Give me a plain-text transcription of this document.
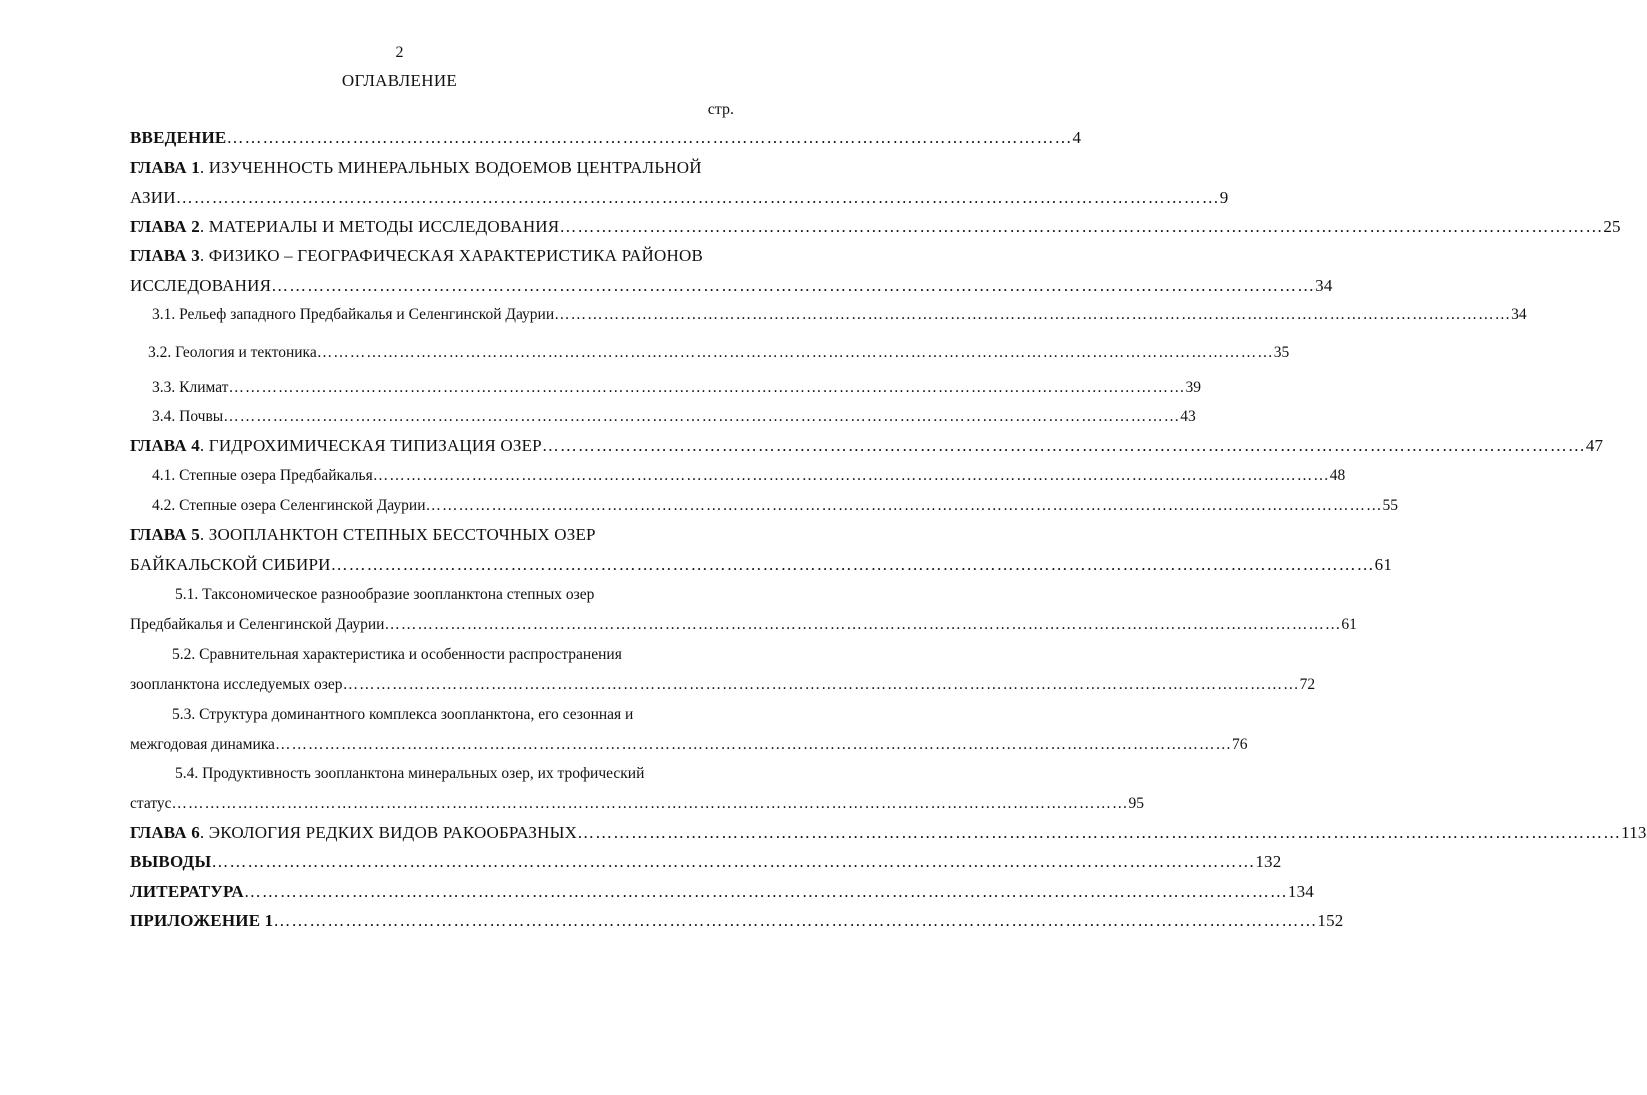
2
ОГЛАВЛЕНИЕ
стр.
ВВЕДЕНИЕ …………………………………………………………………………………………………………………………… 4
ГЛАВА 1. ИЗУЧЕННОСТЬ МИНЕРАЛЬНЫХ ВОДОЕМОВ ЦЕНТРАЛЬНОЙ
АЗИИ ………………………………………………………………………………………………………………………………………………………… 9
ГЛАВА 2 . МАТЕРИАЛЫ И МЕТОДЫ ИССЛЕДОВАНИЯ ………………………………………………………………………………………………………………………………………………………… 25
ГЛАВА 3. ФИЗИКО – ГЕОГРАФИЧЕСКАЯ ХАРАКТЕРИСТИКА РАЙОНОВ
ИССЛЕДОВАНИЯ ………………………………………………………………………………………………………………………………………………………… 34
3.1. Рельеф западного Предбайкалья и Селенгинской Даурии ………………………………………………………………………………………………………………………………………………………… 34
3.2. Геология и тектоника ………………………………………………………………………………………………………………………………………………………… 35
3.3. Климат ………………………………………………………………………………………………………………………………………………………… 39
3.4. Почвы ………………………………………………………………………………………………………………………………………………………… 43
ГЛАВА 4 . ГИДРОХИМИЧЕСКАЯ ТИПИЗАЦИЯ ОЗЕР ………………………………………………………………………………………………………………………………………………………… 47
4.1. Степные озера Предбайкалья ………………………………………………………………………………………………………………………………………………………… 48
4.2. Степные озера Селенгинской Даурии ………………………………………………………………………………………………………………………………………………………… 55
ГЛАВА 5. ЗООПЛАНКТОН СТЕПНЫХ БЕССТОЧНЫХ ОЗЕР
БАЙКАЛЬСКОЙ СИБИРИ ………………………………………………………………………………………………………………………………………………………… 61
5.1. Таксономическое разнообразие зоопланктона степных озер
Предбайкалья и Селенгинской Даурии ………………………………………………………………………………………………………………………………………………………… 61
5.2. Сравнительная характеристика и особенности распространения
зоопланктона исследуемых озер ………………………………………………………………………………………………………………………………………………………… 72
5.3. Структура доминантного комплекса зоопланктона, его сезонная и
межгодовая динамика ………………………………………………………………………………………………………………………………………………………… 76
5.4. Продуктивность зоопланктона минеральных озер, их трофический
статус ………………………………………………………………………………………………………………………………………………………… 95
ГЛАВА 6 . ЭКОЛОГИЯ РЕДКИХ ВИДОВ РАКООБРАЗНЫХ ………………………………………………………………………………………………………………………………………………………… 113
ВЫВОДЫ ………………………………………………………………………………………………………………………………………………………… 132
ЛИТЕРАТУРА ………………………………………………………………………………………………………………………………………………………… 134
ПРИЛОЖЕНИЕ 1 ………………………………………………………………………………………………………………………………………………………… 152
